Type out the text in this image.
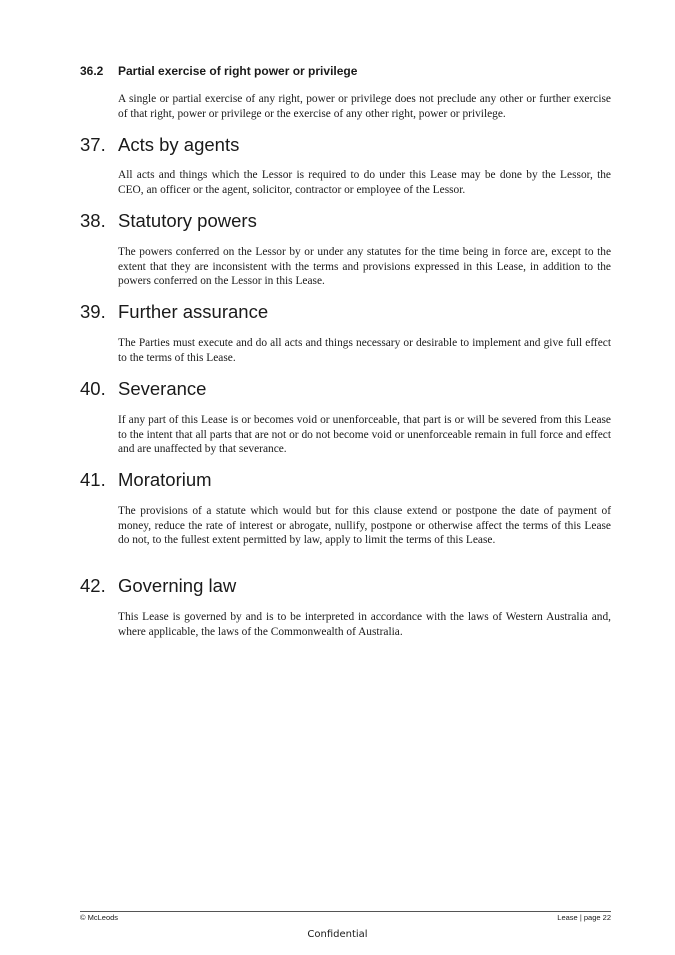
36.2 Partial exercise of right power or privilege
A single or partial exercise of any right, power or privilege does not preclude any other or further exercise of that right, power or privilege or the exercise of any other right, power or privilege.
37. Acts by agents
All acts and things which the Lessor is required to do under this Lease may be done by the Lessor, the CEO, an officer or the agent, solicitor, contractor or employee of the Lessor.
38. Statutory powers
The powers conferred on the Lessor by or under any statutes for the time being in force are, except to the extent that they are inconsistent with the terms and provisions expressed in this Lease, in addition to the powers conferred on the Lessor in this Lease.
39. Further assurance
The Parties must execute and do all acts and things necessary or desirable to implement and give full effect to the terms of this Lease.
40. Severance
If any part of this Lease is or becomes void or unenforceable, that part is or will be severed from this Lease to the intent that all parts that are not or do not become void or unenforceable remain in full force and effect and are unaffected by that severance.
41. Moratorium
The provisions of a statute which would but for this clause extend or postpone the date of payment of money, reduce the rate of interest or abrogate, nullify, postpone or otherwise affect the terms of this Lease do not, to the fullest extent permitted by law, apply to limit the terms of this Lease.
42. Governing law
This Lease is governed by and is to be interpreted in accordance with the laws of Western Australia and, where applicable, the laws of the Commonwealth of Australia.
© McLeods	Lease | page 22
Confidential
